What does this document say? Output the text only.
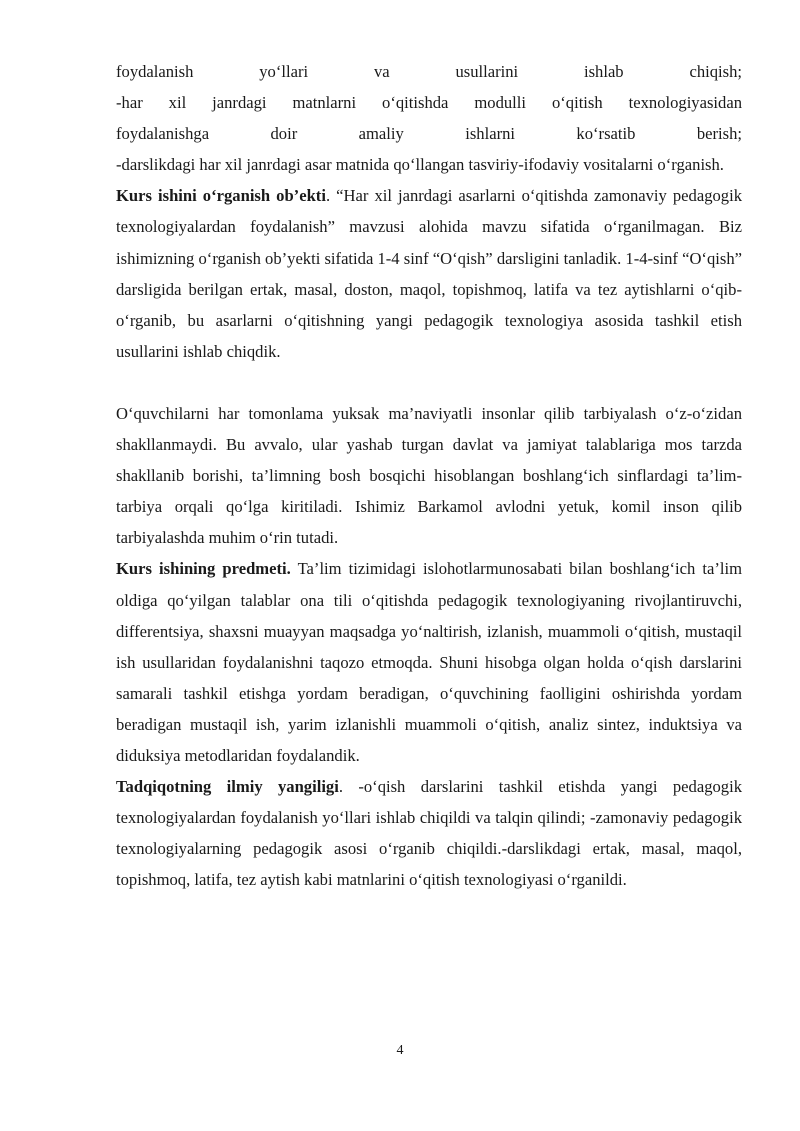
foydalanish yo‘llari va usullarini ishlab chiqish;

-har xil janrdagi matnlarni o‘qitishda modulli o‘qitish texnologiyasidan

foydalanishga doir amaliy ishlarni ko‘rsatib berish;

-darslikdagi har xil janrdagi asar matnida qo‘llangan tasviriy-ifodaviy vositalarni o‘rganish.

Kurs ishini o‘rganish ob’ekti. “Har xil janrdagi asarlarni o‘qitishda zamonaviy pedagogik texnologiyalardan foydalanish” mavzusi alohida mavzu sifatida o‘rganilmagan. Biz ishimizning o‘rganish ob’yekti sifatida 1-4 sinf “O‘qish” darsligini tanladik. 1-4-sinf “O‘qish” darsligida berilgan ertak, masal, doston, maqol, topishmoq, latifa va tez aytishlarni o‘qib-o‘rganib, bu asarlarni o‘qitishning yangi pedagogik texnologiya asosida tashkil etish usullarini ishlab chiqdik.

O‘quvchilarni har tomonlama yuksak ma’naviyatli insonlar qilib tarbiyalash o‘z-o‘zidan shakllanmaydi. Bu avvalo, ular yashab turgan davlat va jamiyat talablariga mos tarzda shakllanib borishi, ta’limning bosh bosqichi hisoblangan boshlang‘ich sinflardagi ta’lim-tarbiya orqali qo‘lga kiritiladi. Ishimiz Barkamol avlodni yetuk, komil inson qilib tarbiyalashda muhim o‘rin tutadi.

Kurs ishining predmeti. Ta’lim tizimidagi islohotlarmunosabati bilan boshlang‘ich ta’lim oldiga qo‘yilgan talablar ona tili o‘qitishda pedagogik texnologiyaning rivojlantiruvchi, differentsiya, shaxsni muayyan maqsadga yo‘naltirish, izlanish, muammoli o‘qitish, mustaqil ish usullaridan foydalanishni taqozo etmoqda. Shuni hisobga olgan holda o‘qish darslarini samarali tashkil etishga yordam beradigan, o‘quvchining faolligini oshirishda yordam beradigan mustaqil ish, yarim izlanishli muammoli o‘qitish, analiz sintez, induktsiya va diduksiya metodlaridan foydalandik.

Tadqiqotning ilmiy yangiligi. -o‘qish darslarini tashkil etishda yangi pedagogik texnologiyalardan foydalanish yo‘llari ishlab chiqildi va talqin qilindi; -zamonaviy pedagogik texnologiyalarning pedagogik asosi o‘rganib chiqildi.-darslikdagi ertak, masal, maqol, topishmoq, latifa, tez aytish kabi matnlarini o‘qitish texnologiyasi o‘rganildi.

4
